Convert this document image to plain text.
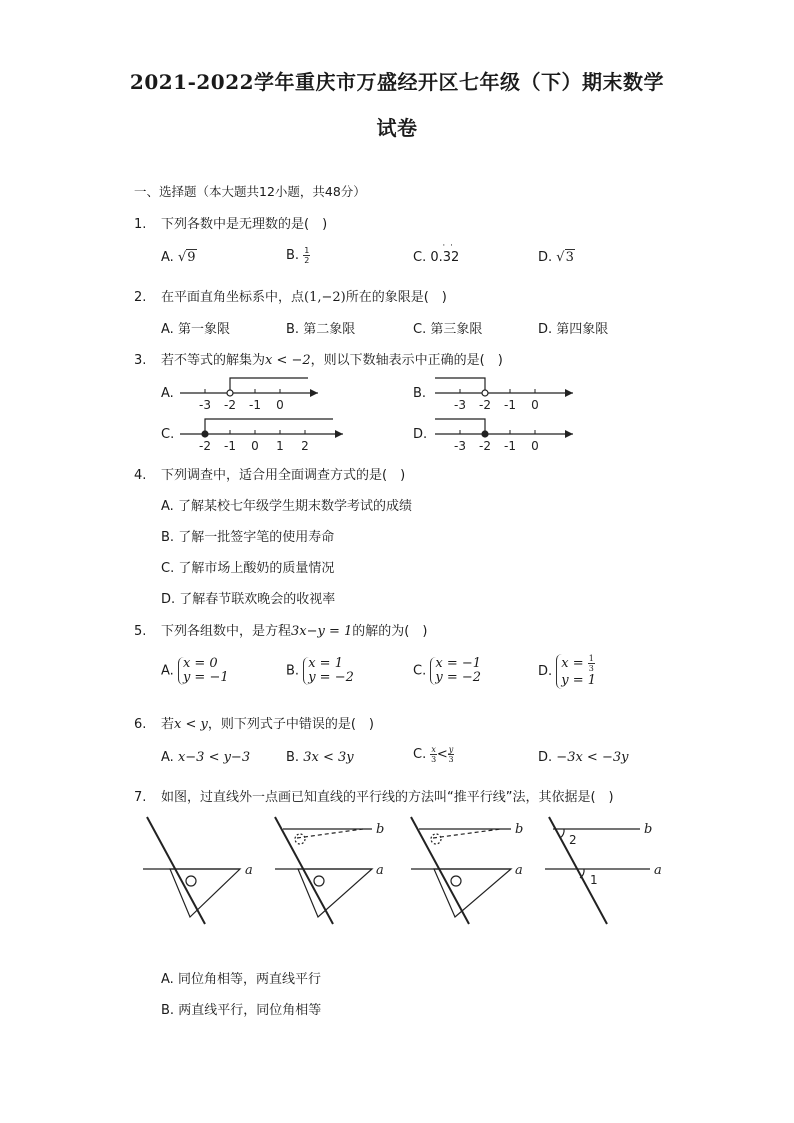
2021-2022学年重庆市万盛经开区七年级（下）期末数学
试卷
一、选择题（本大题共12小题，共48分）
1. 下列各数中是无理数的是(　)
A. √9	B. $\frac{1}{2}$	C.
· ·
0.32	D. √3
2. 在平面直角坐标系中，点(1,−2)所在的象限是(　)
A. 第一象限	B. 第二象限	C. 第三象限	D. 第四象限
3. 若不等式的解集为x < −2，则以下数轴表示中正确的是(　)
A.	B.
C.	D.
-3 -2 -1 0	-3 -2 -1 0
-2 -1 0 1 2	-3 -2 -1 0
4. 下列调查中，适合用全面调查方式的是(　)
A. 了解某校七年级学生期末数学考试的成绩
B. 了解一批签字笔的使用寿命
C. 了解市场上酸奶的质量情况
D. 了解春节联欢晚会的收视率
5. 下列各组数中，是方程3x−y = 1的解的为(　)
A. x = 0
y = −1	B. x = 1
y = −2	C. x = −1
y = −2	D.
$x = \frac{1}{3}$
y = 1
6. 若x < y，则下列式子中错误的是(　)
A. x−3 < y−3	B. 3x < 3y	C. $\frac{x}{3} < \frac{y}{3}$	D. −3x < −3y
7. 如图，过直线外一点画已知直线的平行线的方法叫“推平行线”法，其依据是(　)
a
b
a
b
a
2
1
b
a
A. 同位角相等，两直线平行
B. 两直线平行，同位角相等
